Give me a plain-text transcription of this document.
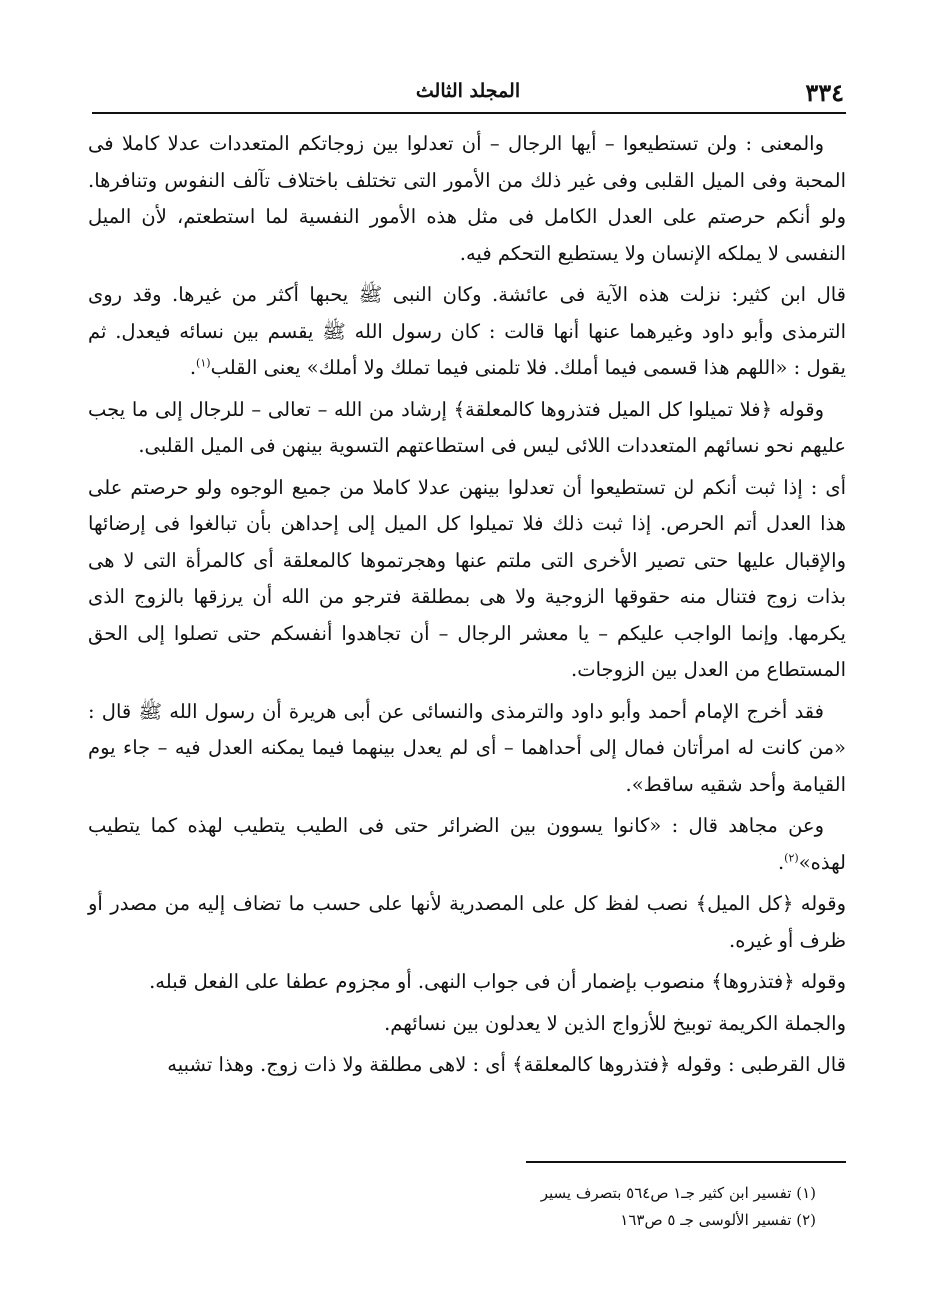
٣٣٤
المجلد الثالث

والمعنى : ولن تستطيعوا – أيها الرجال – أن تعدلوا بين زوجاتكم المتعددات عدلا كاملا فى المحبة وفى الميل القلبى وفى غير ذلك من الأمور التى تختلف باختلاف تآلف النفوس وتنافرها. ولو أنكم حرصتم على العدل الكامل فى مثل هذه الأمور النفسية لما استطعتم، لأن الميل النفسى لا يملكه الإنسان ولا يستطيع التحكم فيه.

قال ابن كثير: نزلت هذه الآية فى عائشة. وكان النبى ﷺ يحبها أكثر من غيرها. وقد روى الترمذى وأبو داود وغيرهما عنها أنها قالت : كان رسول الله ﷺ يقسم بين نسائه فيعدل. ثم يقول : «اللهم هذا قسمى فيما أملك. فلا تلمنى فيما تملك ولا أملك» يعنى القلب$^{(١)}$.

وقوله ﴿فلا تميلوا كل الميل فتذروها كالمعلقة﴾ إرشاد من الله – تعالى – للرجال إلى ما يجب عليهم نحو نسائهم المتعددات اللائى ليس فى استطاعتهم التسوية بينهن فى الميل القلبى.

أى : إذا ثبت أنكم لن تستطيعوا أن تعدلوا بينهن عدلا كاملا من جميع الوجوه ولو حرصتم على هذا العدل أتم الحرص. إذا ثبت ذلك فلا تميلوا كل الميل إلى إحداهن بأن تبالغوا فى إرضائها والإقبال عليها حتى تصير الأخرى التى ملتم عنها وهجرتموها كالمعلقة أى كالمرأة التى لا هى بذات زوج فتنال منه حقوقها الزوجية ولا هى بمطلقة فترجو من الله أن يرزقها بالزوج الذى يكرمها. وإنما الواجب عليكم – يا معشر الرجال – أن تجاهدوا أنفسكم حتى تصلوا إلى الحق المستطاع من العدل بين الزوجات.

فقد أخرج الإمام أحمد وأبو داود والترمذى والنسائى عن أبى هريرة أن رسول الله ﷺ قال : «من كانت له امرأتان فمال إلى أحداهما – أى لم يعدل بينهما فيما يمكنه العدل فيه – جاء يوم القيامة وأحد شقيه ساقط».

وعن مجاهد قال : «كانوا يسوون بين الضرائر حتى فى الطيب يتطيب لهذه كما يتطيب لهذه»$^{(٢)}$.

وقوله ﴿كل الميل﴾ نصب لفظ كل على المصدرية لأنها على حسب ما تضاف إليه من مصدر أو ظرف أو غيره.

وقوله ﴿فتذروها﴾ منصوب بإضمار أن فى جواب النهى. أو مجزوم عطفا على الفعل قبله.

والجملة الكريمة توبيخ للأزواج الذين لا يعدلون بين نسائهم.

قال القرطبى : وقوله ﴿فتذروها كالمعلقة﴾ أى : لاهى مطلقة ولا ذات زوج. وهذا تشبيه

(١) تفسير ابن كثير جـ١ ص٥٦٤ بتصرف يسير
(٢) تفسير الألوسى جـ ٥ ص١٦٣
